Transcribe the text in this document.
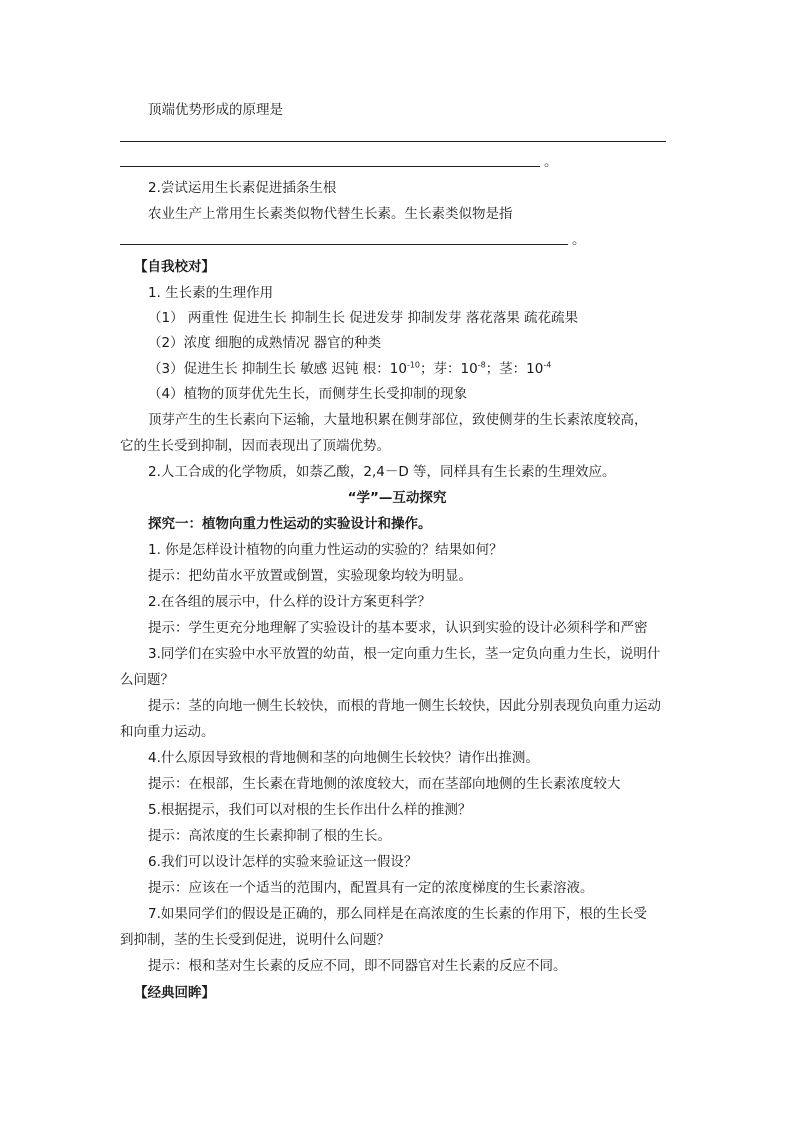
顶端优势形成的原理是
。
2.尝试运用生长素促进插条生根
农业生产上常用生长素类似物代替生长素。生长素类似物是指
。
【自我校对】
1. 生长素的生理作用
（1） 两重性 促进生长 抑制生长 促进发芽 抑制发芽 落花落果 疏花疏果
（2）浓度 细胞的成熟情况 器官的种类
（3）促进生长 抑制生长 敏感 迟钝 根：$10^{-10}$；芽：$10^{-8}$；茎：$10^{-4}$
（4）植物的顶芽优先生长，而侧芽生长受抑制的现象
顶芽产生的生长素向下运输，大量地积累在侧芽部位，致使侧芽的生长素浓度较高，
它的生长受到抑制，因而表现出了顶端优势。
2.人工合成的化学物质，如萘乙酸，2,4－D 等，同样具有生长素的生理效应。
“学”—互动探究
探究一：植物向重力性运动的实验设计和操作。
1. 你是怎样设计植物的向重力性运动的实验的？结果如何？
提示：把幼苗水平放置或倒置，实验现象均较为明显。
2.在各组的展示中，什么样的设计方案更科学？
提示：学生更充分地理解了实验设计的基本要求，认识到实验的设计必须科学和严密
3.同学们在实验中水平放置的幼苗，根一定向重力生长，茎一定负向重力生长，说明什
么问题？
提示：茎的向地一侧生长较快，而根的背地一侧生长较快，因此分别表现负向重力运动
和向重力运动。
4.什么原因导致根的背地侧和茎的向地侧生长较快？请作出推测。
提示：在根部，生长素在背地侧的浓度较大，而在茎部向地侧的生长素浓度较大
5.根据提示，我们可以对根的生长作出什么样的推测？
提示：高浓度的生长素抑制了根的生长。
6.我们可以设计怎样的实验来验证这一假设？
提示：应该在一个适当的范围内，配置具有一定的浓度梯度的生长素溶液。
7.如果同学们的假设是正确的，那么同样是在高浓度的生长素的作用下，根的生长受
到抑制，茎的生长受到促进，说明什么问题？
提示：根和茎对生长素的反应不同，即不同器官对生长素的反应不同。
【经典回眸】
